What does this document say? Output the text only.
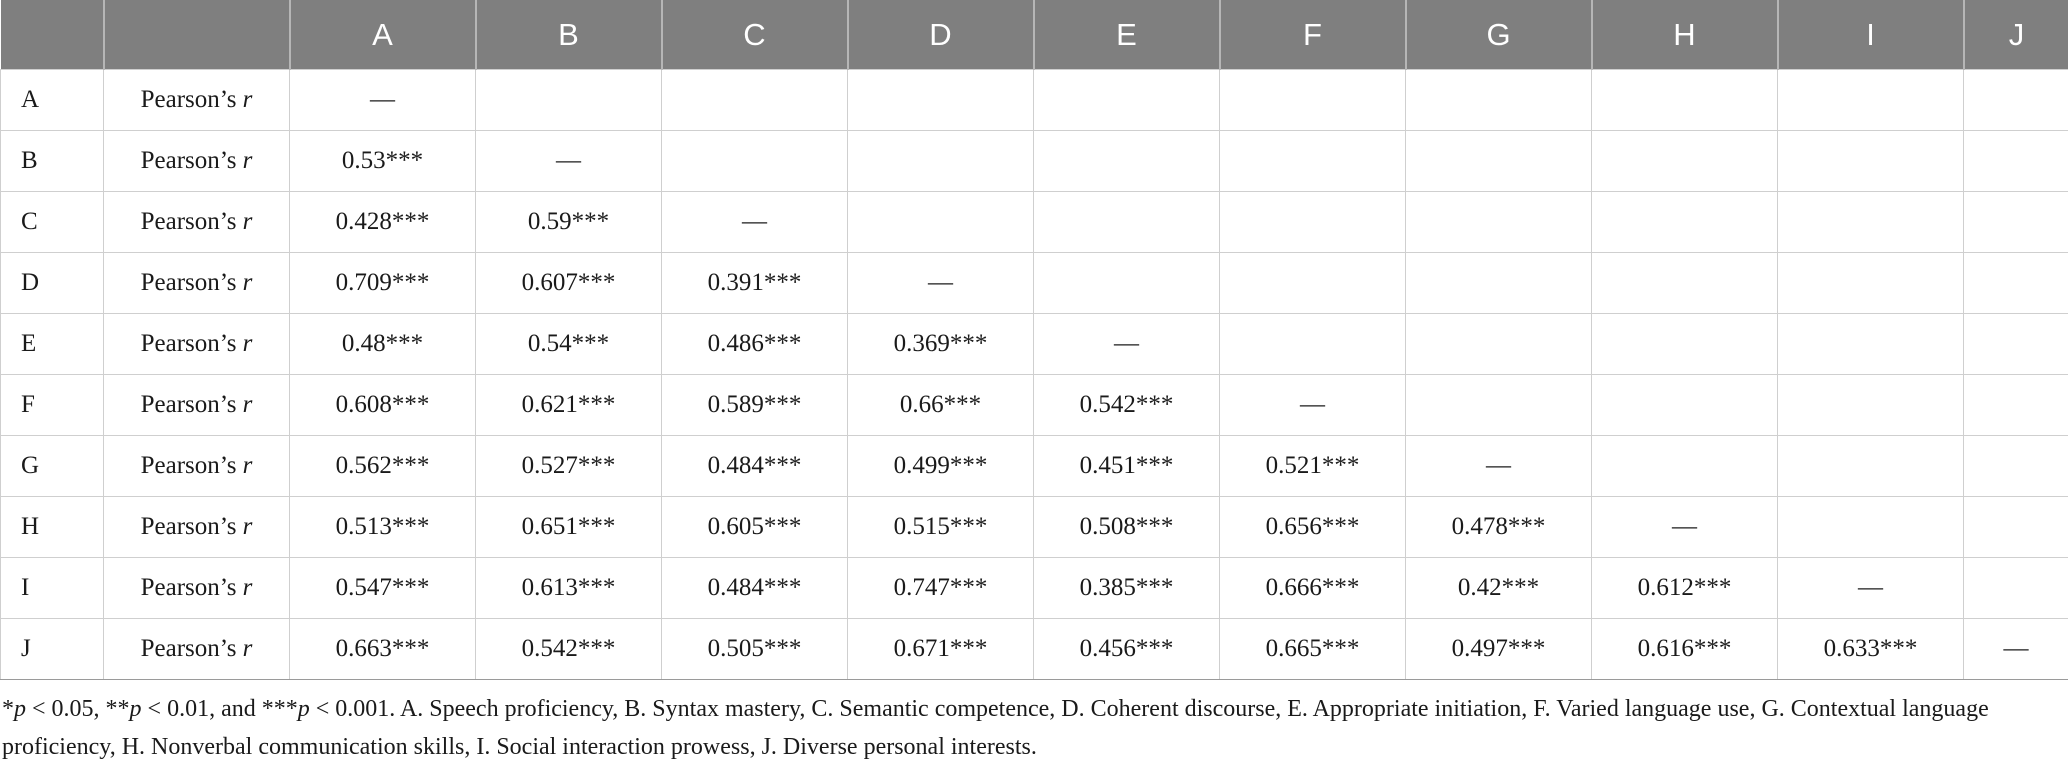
		A	B	C	D	E	F	G	H	I	J
A	Pearson’s r	—									
B	Pearson’s r	0.53***	—								
C	Pearson’s r	0.428***	0.59***	—							
D	Pearson’s r	0.709***	0.607***	0.391***	—						
E	Pearson’s r	0.48***	0.54***	0.486***	0.369***	—					
F	Pearson’s r	0.608***	0.621***	0.589***	0.66***	0.542***	—				
G	Pearson’s r	0.562***	0.527***	0.484***	0.499***	0.451***	0.521***	—			
H	Pearson’s r	0.513***	0.651***	0.605***	0.515***	0.508***	0.656***	0.478***	—		
I	Pearson’s r	0.547***	0.613***	0.484***	0.747***	0.385***	0.666***	0.42***	0.612***	—	
J	Pearson’s r	0.663***	0.542***	0.505***	0.671***	0.456***	0.665***	0.497***	0.616***	0.633***	—
*p < 0.05, **p < 0.01, and ***p < 0.001. A. Speech proficiency, B. Syntax mastery, C. Semantic competence, D. Coherent discourse, E. Appropriate initiation, F. Varied language use, G. Contextual language proficiency, H. Nonverbal communication skills, I. Social interaction prowess, J. Diverse personal interests.
